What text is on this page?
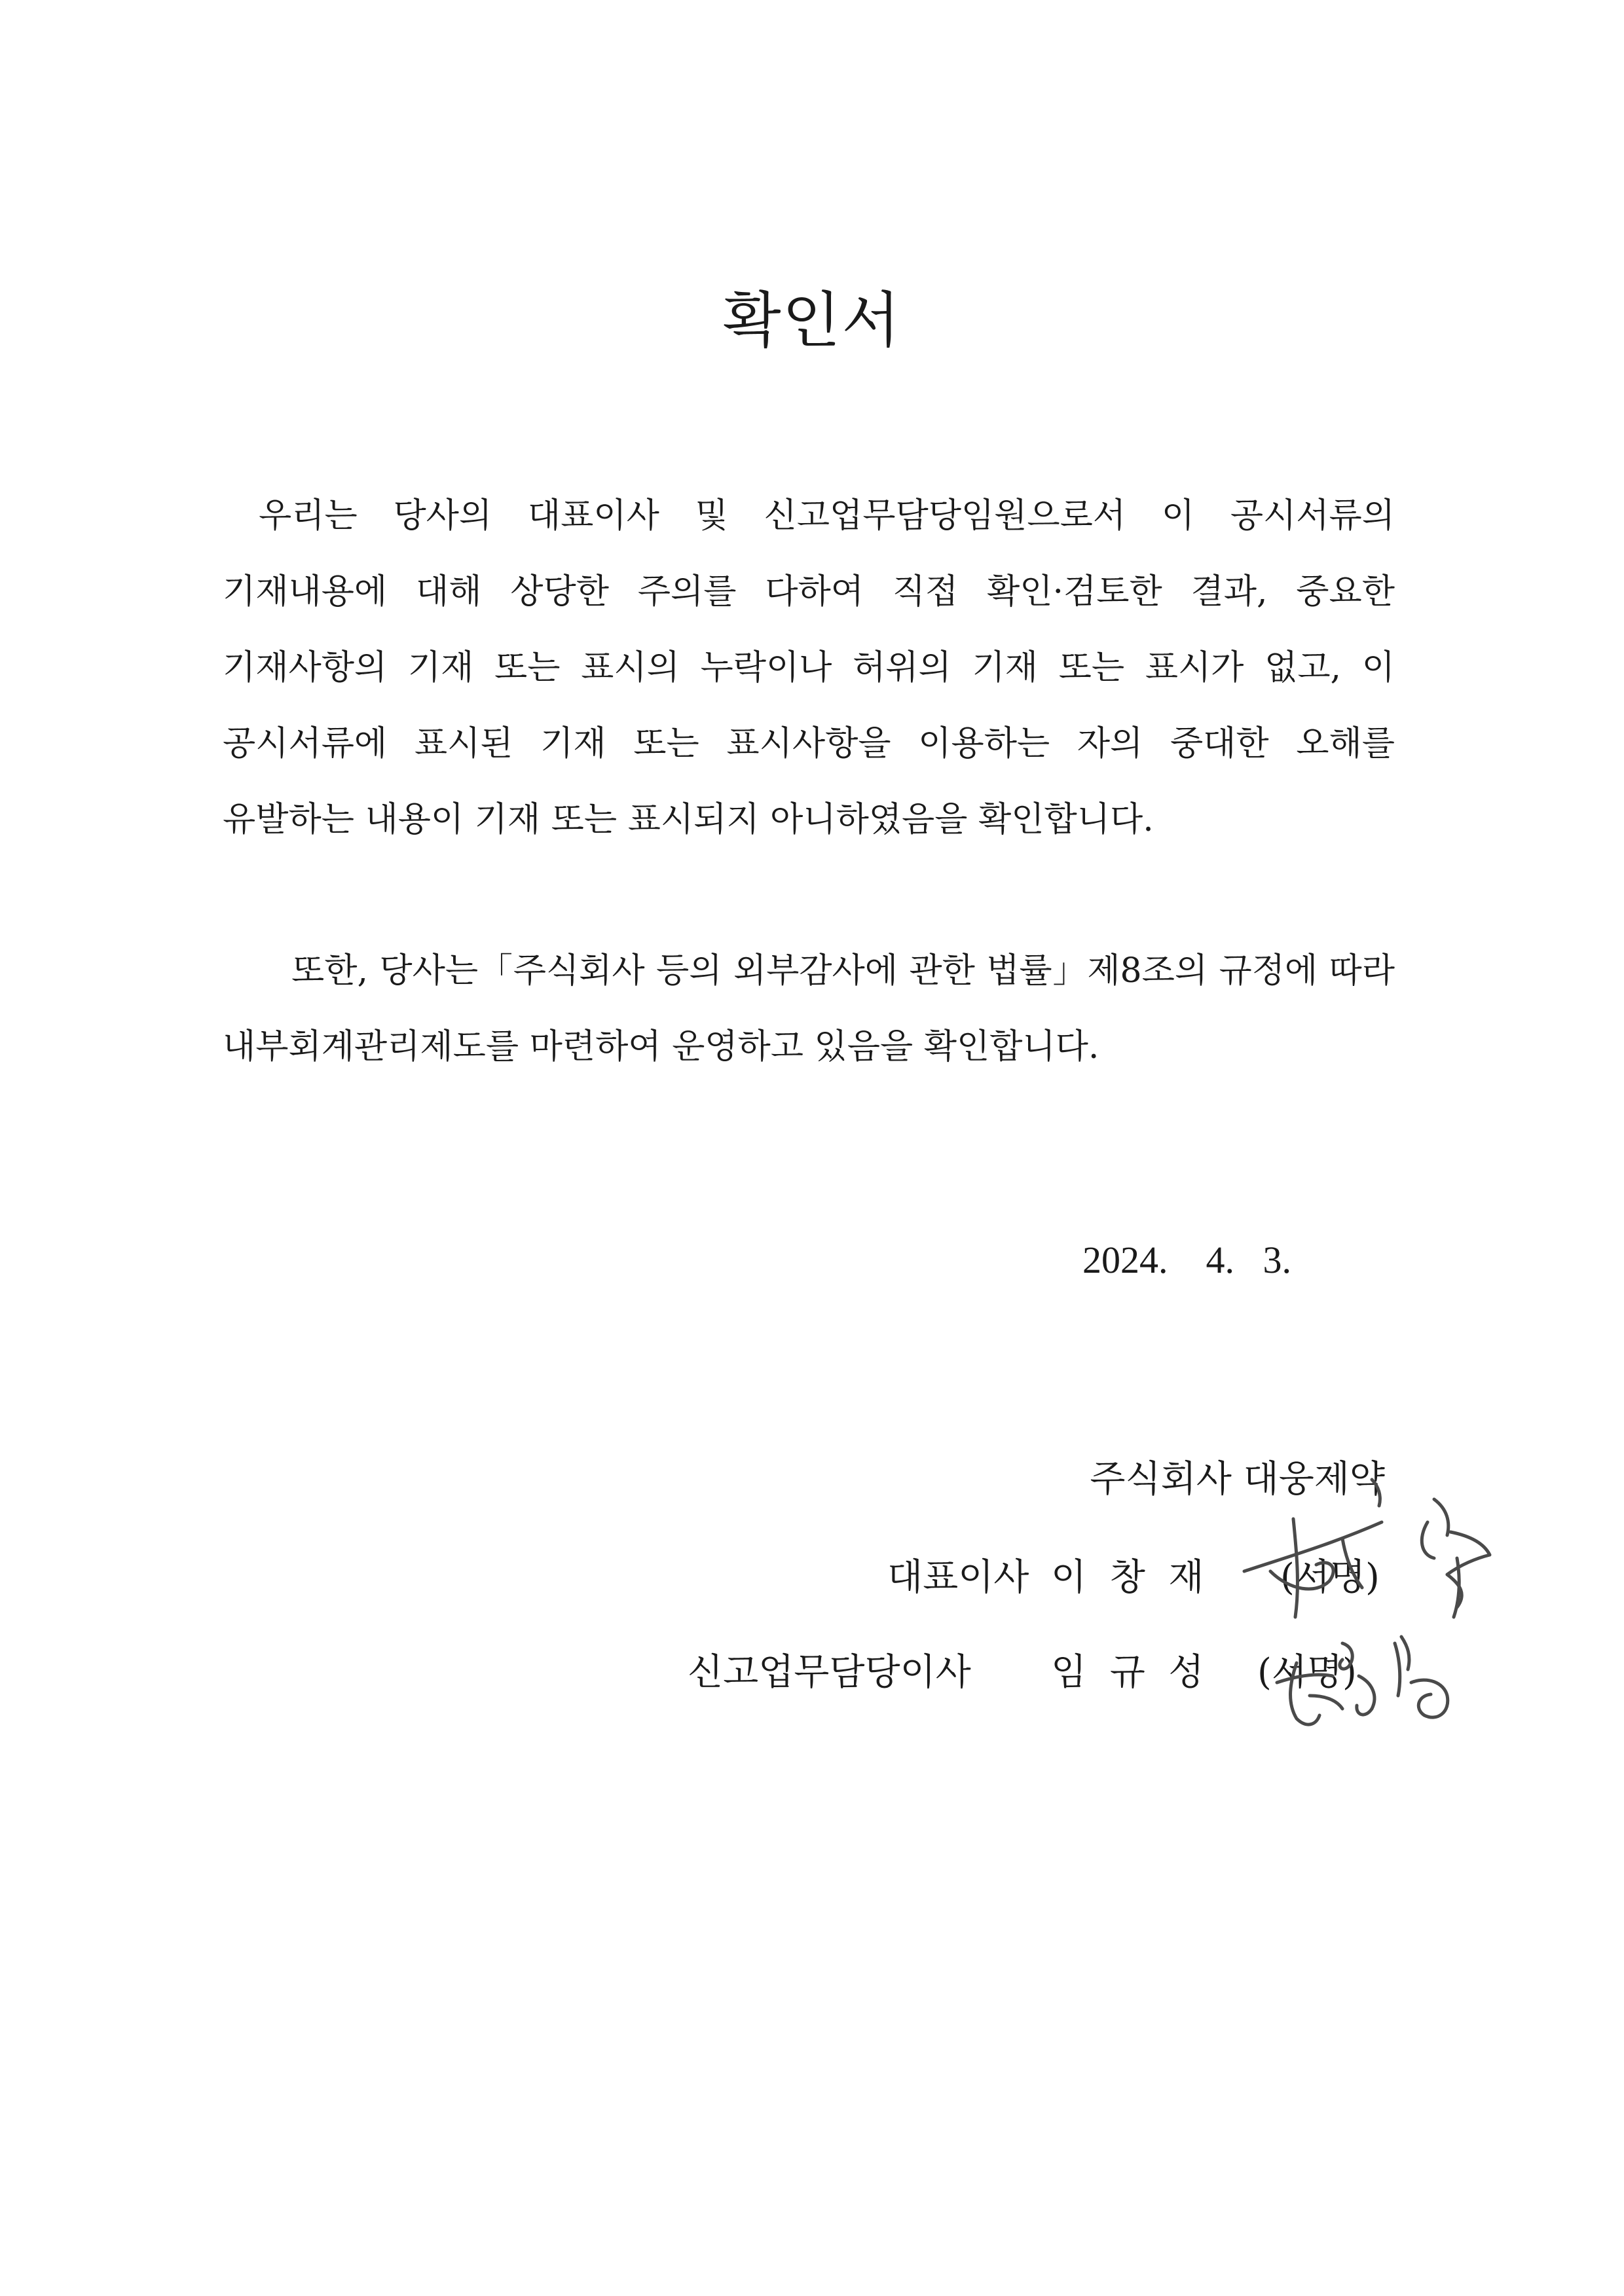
확인서

우리는 당사의 대표이사 및 신고업무담당임원으로서 이 공시서류의 기재내용에 대해 상당한 주의를 다하여 직접 확인·검토한 결과, 중요한 기재사항의 기재 또는 표시의 누락이나 허위의 기재 또는 표시가 없고, 이 공시서류에 표시된 기재 또는 표시사항을 이용하는 자의 중대한 오해를 유발하는 내용이 기재 또는 표시되지 아니하였음을 확인합니다.

또한, 당사는「주식회사 등의 외부감사에 관한 법률」제8조의 규정에 따라 내부회계관리제도를 마련하여 운영하고 있음을 확인합니다.

2024.    4.   3.
주식회사 대웅제약
대표이사 이  창  재 (서명)
신고업무담당이사 임  규  성 (서명)
